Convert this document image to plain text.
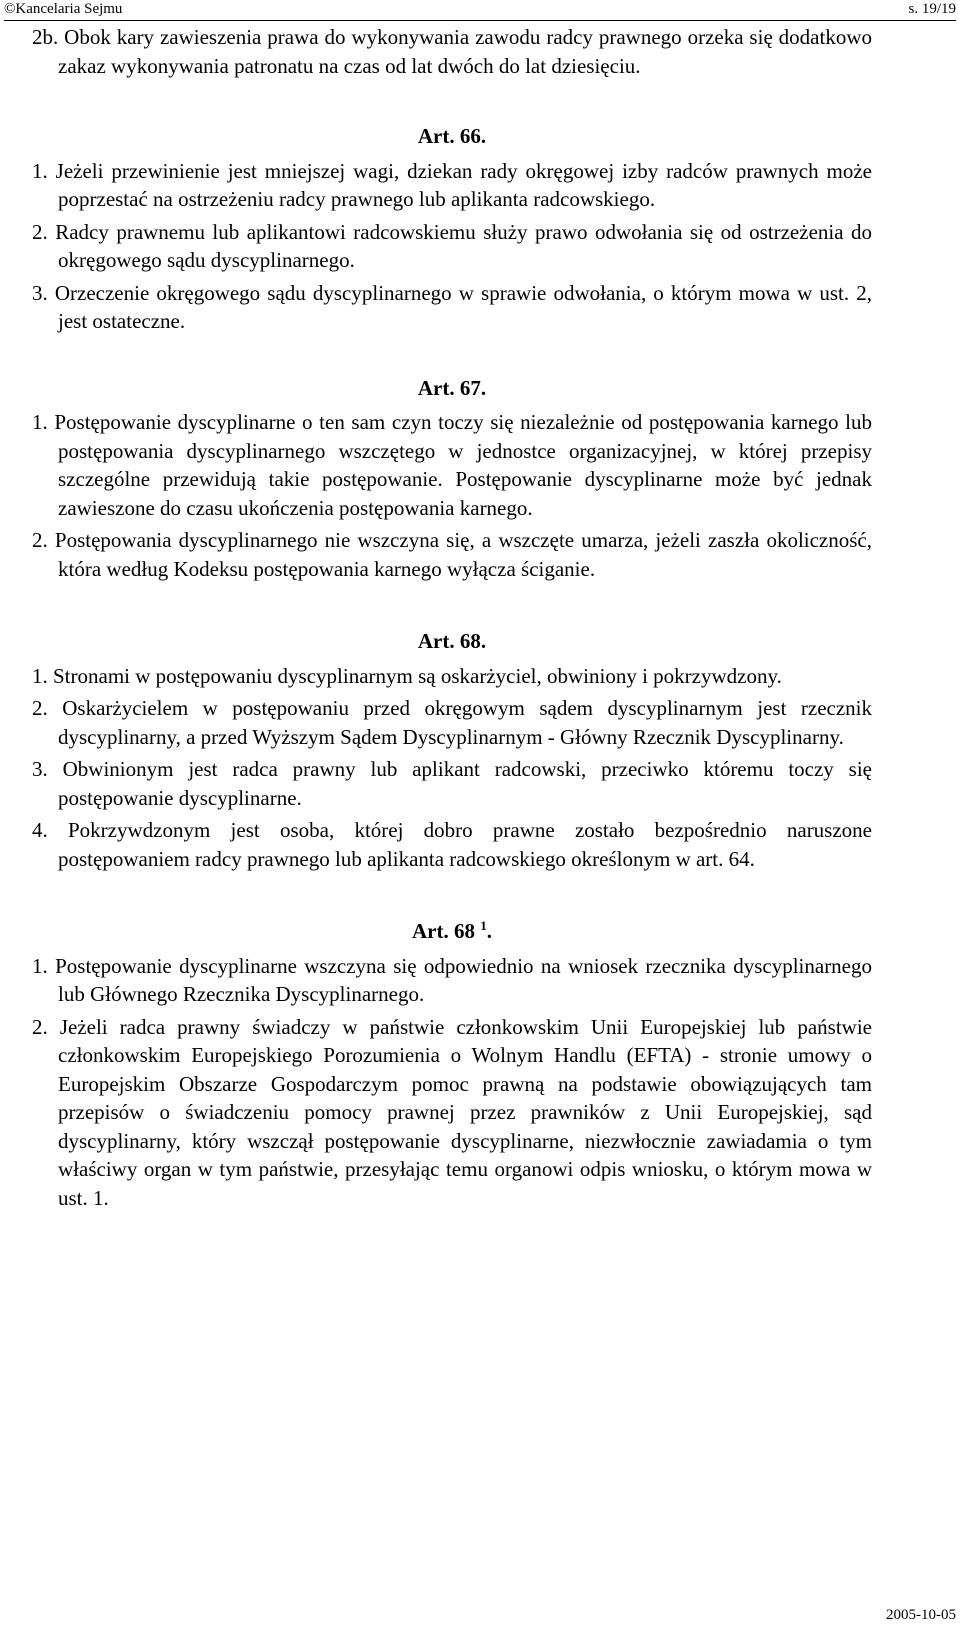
©Kancelaria Sejmu	s. 19/19

2b. Obok kary zawieszenia prawa do wykonywania zawodu radcy prawnego orzeka się dodatkowo zakaz wykonywania patronatu na czas od lat dwóch do lat dziesięciu.

Art. 66.

1. Jeżeli przewinienie jest mniejszej wagi, dziekan rady okręgowej izby radców prawnych może poprzestać na ostrzeżeniu radcy prawnego lub aplikanta radcowskiego.

2. Radcy prawnemu lub aplikantowi radcowskiemu służy prawo odwołania się od ostrzeżenia do okręgowego sądu dyscyplinarnego.

3. Orzeczenie okręgowego sądu dyscyplinarnego w sprawie odwołania, o którym mowa w ust. 2, jest ostateczne.

Art. 67.

1. Postępowanie dyscyplinarne o ten sam czyn toczy się niezależnie od postępowania karnego lub postępowania dyscyplinarnego wszczętego w jednostce organizacyjnej, w której przepisy szczególne przewidują takie postępowanie. Postępowanie dyscyplinarne może być jednak zawieszone do czasu ukończenia postępowania karnego.

2. Postępowania dyscyplinarnego nie wszczyna się, a wszczęte umarza, jeżeli zaszła okoliczność, która według Kodeksu postępowania karnego wyłącza ściganie.

Art. 68.

1. Stronami w postępowaniu dyscyplinarnym są oskarżyciel, obwiniony i pokrzywdzony.

2. Oskarżycielem w postępowaniu przed okręgowym sądem dyscyplinarnym jest rzecznik dyscyplinarny, a przed Wyższym Sądem Dyscyplinarnym - Główny Rzecznik Dyscyplinarny.

3. Obwinionym jest radca prawny lub aplikant radcowski, przeciwko któremu toczy się postępowanie dyscyplinarne.

4. Pokrzywdzonym jest osoba, której dobro prawne zostało bezpośrednio naruszone postępowaniem radcy prawnego lub aplikanta radcowskiego określonym w art. 64.

Art. 68 $^1$.

1. Postępowanie dyscyplinarne wszczyna się odpowiednio na wniosek rzecznika dyscyplinarnego lub Głównego Rzecznika Dyscyplinarnego.

2. Jeżeli radca prawny świadczy w państwie członkowskim Unii Europejskiej lub państwie członkowskim Europejskiego Porozumienia o Wolnym Handlu (EFTA) - stronie umowy o Europejskim Obszarze Gospodarczym pomoc prawną na podstawie obowiązujących tam przepisów o świadczeniu pomocy prawnej przez prawników z Unii Europejskiej, sąd dyscyplinarny, który wszczął postępowanie dyscyplinarne, niezwłocznie zawiadamia o tym właściwy organ w tym państwie, przesyłając temu organowi odpis wniosku, o którym mowa w ust. 1.

2005-10-05
